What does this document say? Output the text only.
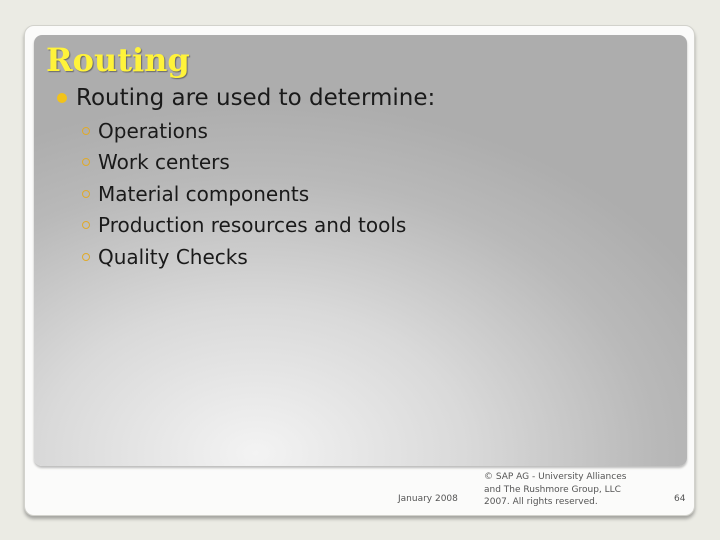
Routing
Routing are used to determine:
Operations
Work centers
Material components
Production resources and tools
Quality Checks
January 2008

© SAP AG - University Alliances
and The Rushmore Group, LLC
2007. All rights reserved.	64
